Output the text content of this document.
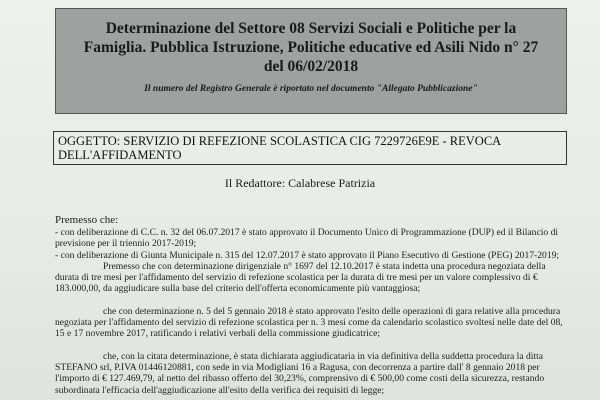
Determinazione del Settore 08 Servizi Sociali e Politiche per la Famiglia. Pubblica Istruzione, Politiche educative ed Asili Nido n° 27 del 06/02/2018
Il numero del Registro Generale è riportato nel documento "Allegato Pubblicazione"
OGGETTO: SERVIZIO DI REFEZIONE SCOLASTICA CIG 7229726E9E - REVOCA DELL'AFFIDAMENTO
Il Redattore: Calabrese Patrizia

Premesso che:

- con deliberazione di C.C. n. 32 del 06.07.2017 è stato approvato il Documento Unico di Programmazione (DUP) ed il Bilancio di previsione per il triennio 2017-2019;

- con deliberazione di Giunta Municipale n. 315 del 12.07.2017 è stato approvato il Piano Esecutivo di Gestione (PEG) 2017-2019;

Premesso che con determinazione dirigenziale n° 1697 del 12.10.2017 è stata indetta una procedura negoziata della durata di tre mesi per l'affidamento del servizio di refezione scolastica per la durata di tre mesi per un valore complessivo di € 183.000,00, da aggiudicare sulla base del criterio dell'offerta economicamente più vantaggiosa;

che con determinazione n. 5 del 5 gennaio 2018 è stato approvato l'esito delle operazioni di gara relative alla procedura negoziata per l'affidamento del servizio di refezione scolastica per n. 3 mesi come da calendario scolastico svoltesi nelle date del 08, 15 e 17 novembre 2017, ratificando i relativi verbali della commissione giudicatrice;

che, con la citata determinazione, è stata dichiarata aggiudicataria in via definitiva della suddetta procedura la ditta STEFANO srl, P.IVA 01446120881, con sede in via Modigliani 16 a Ragusa, con decorrenza a partire dall' 8 gennaio 2018 per l'importo di € 127.469,79, al netto del ribasso offerto del 30,23%, comprensivo di € 500,00 come costi della sicurezza, restando subordinata l'efficacia dell'aggiudicazione all'esito della verifica dei requisiti di legge;
